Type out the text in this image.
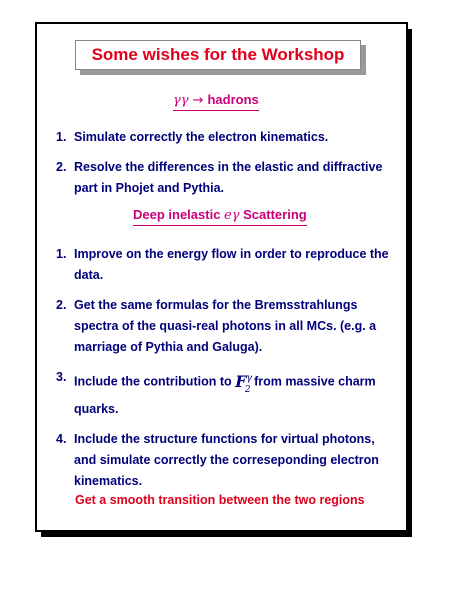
Some wishes for the Workshop
γγ → hadrons
1. Simulate correctly the electron kinematics.
2. Resolve the differences in the elastic and diffractive part in Phojet and Pythia.
Deep inelastic eγ Scattering
1. Improve on the energy flow in order to reproduce the data.
2. Get the same formulas for the Bremsstrahlungs spectra of the quasi-real photons in all MCs. (e.g. a marriage of Pythia and Galuga).
3. Include the contribution to $F^\gamma_2$ from massive charm quarks.
4. Include the structure functions for virtual photons, and simulate correctly the correseponding electron kinematics.
Get a smooth transition between the two regions
